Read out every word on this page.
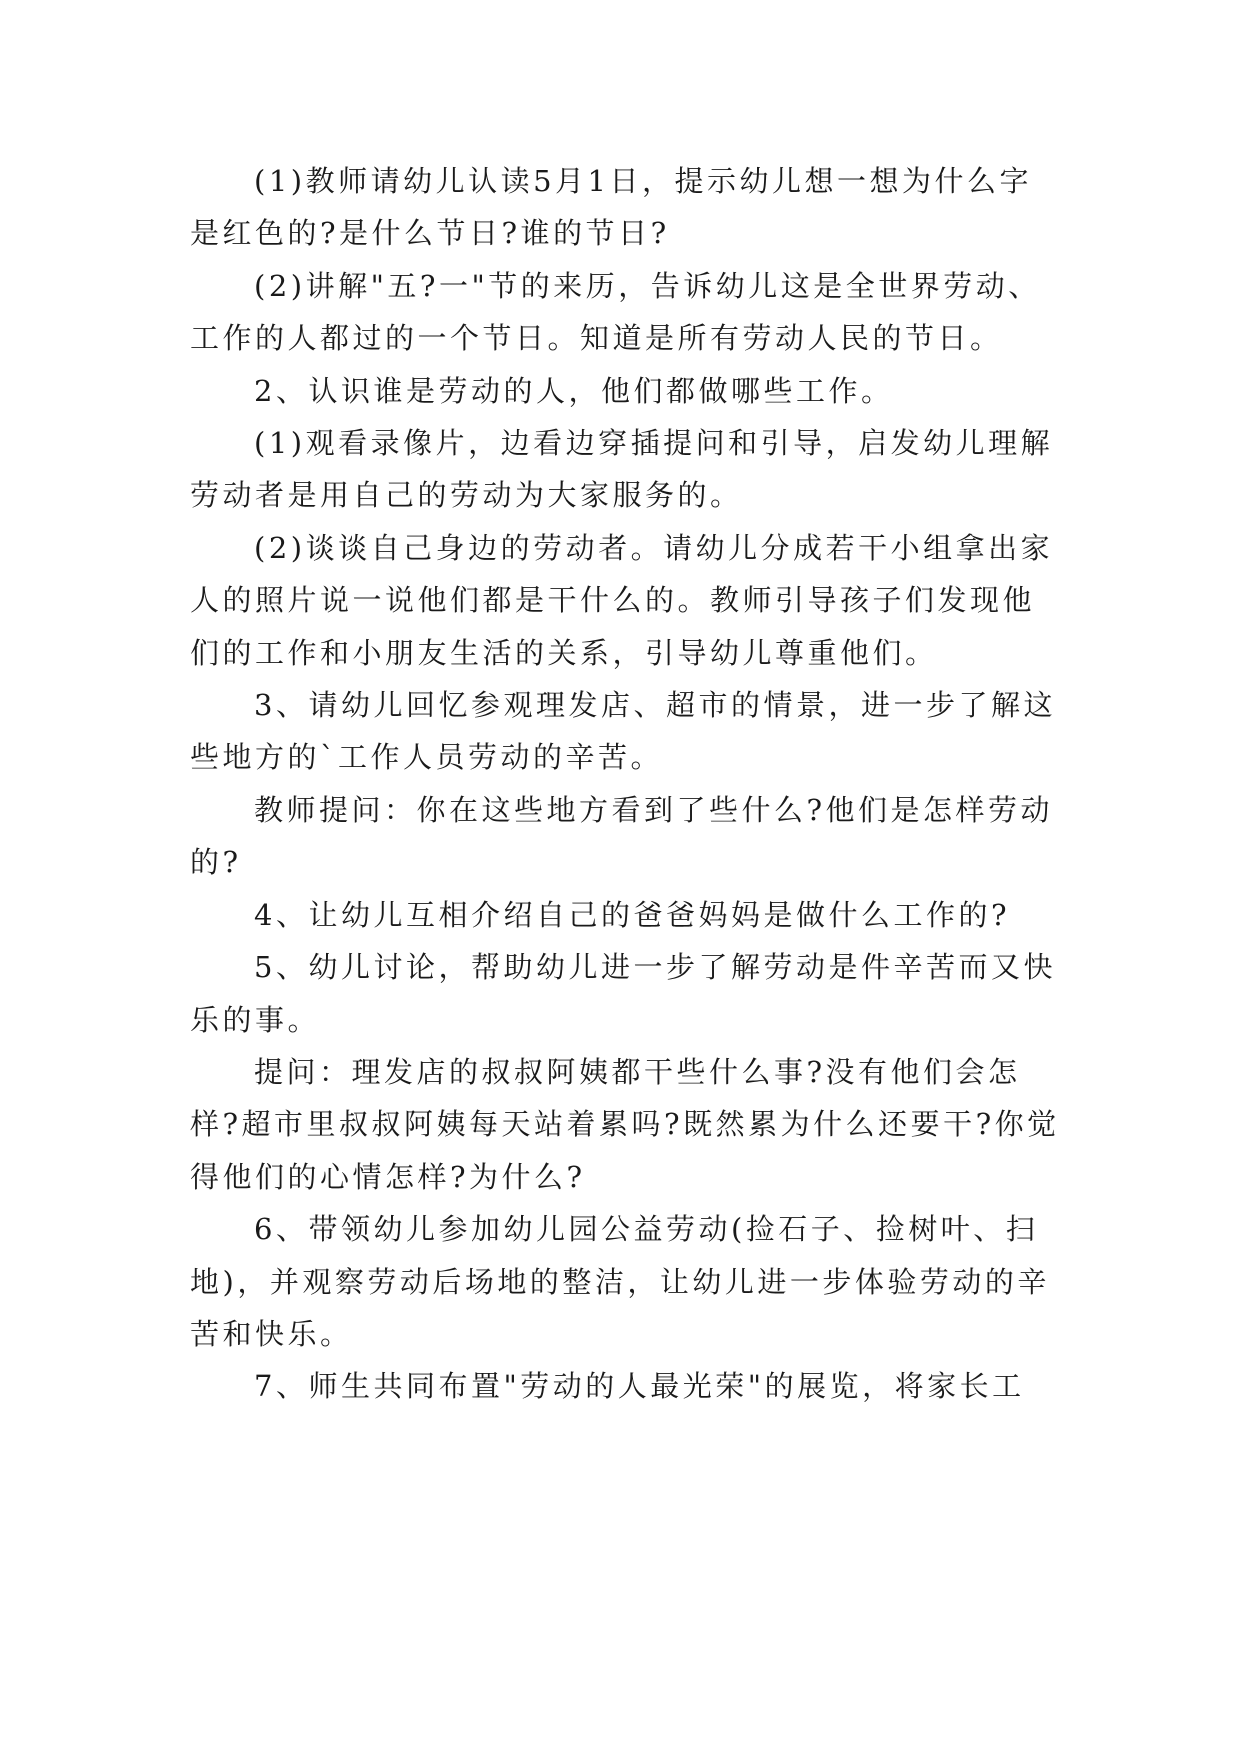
(1)教师请幼儿认读5月1日，提示幼儿想一想为什么字是红色的?是什么节日?谁的节日?

(2)讲解"五?一"节的来历，告诉幼儿这是全世界劳动、工作的人都过的一个节日。知道是所有劳动人民的节日。

2、认识谁是劳动的人，他们都做哪些工作。

(1)观看录像片，边看边穿插提问和引导，启发幼儿理解劳动者是用自己的劳动为大家服务的。

(2)谈谈自己身边的劳动者。请幼儿分成若干小组拿出家人的照片说一说他们都是干什么的。教师引导孩子们发现他们的工作和小朋友生活的关系，引导幼儿尊重他们。

3、请幼儿回忆参观理发店、超市的情景，进一步了解这些地方的`工作人员劳动的辛苦。

教师提问：你在这些地方看到了些什么?他们是怎样劳动的?

4、让幼儿互相介绍自己的爸爸妈妈是做什么工作的?

5、幼儿讨论，帮助幼儿进一步了解劳动是件辛苦而又快乐的事。

提问：理发店的叔叔阿姨都干些什么事?没有他们会怎样?超市里叔叔阿姨每天站着累吗?既然累为什么还要干?你觉得他们的心情怎样?为什么?

6、带领幼儿参加幼儿园公益劳动(捡石子、捡树叶、扫地)，并观察劳动后场地的整洁，让幼儿进一步体验劳动的辛苦和快乐。

7、师生共同布置"劳动的人最光荣"的展览，将家长工
